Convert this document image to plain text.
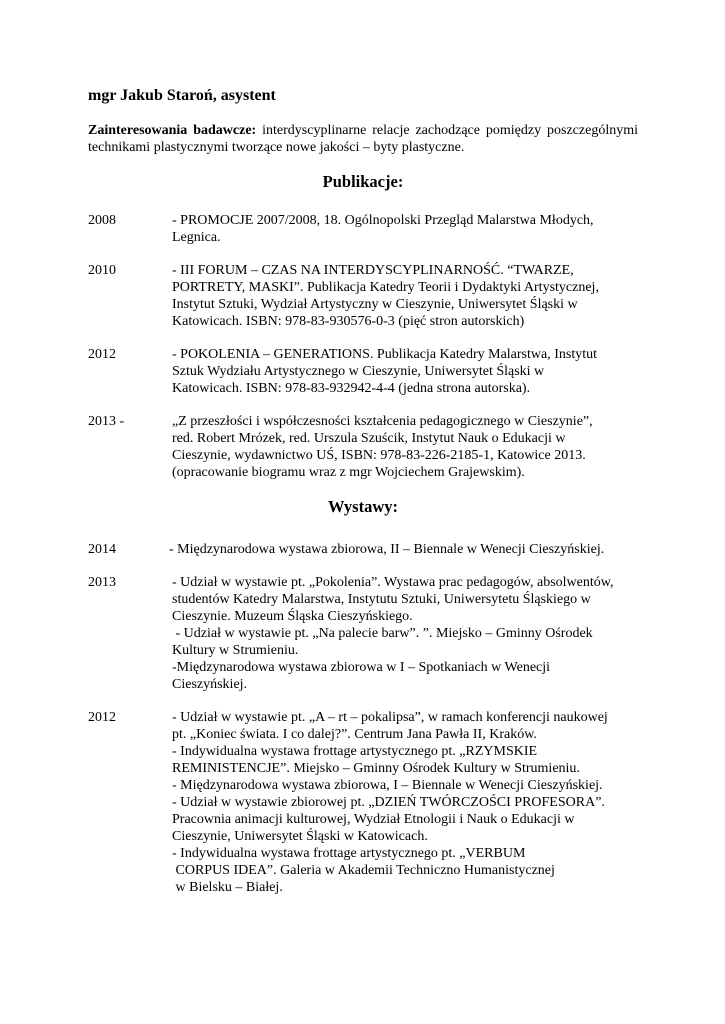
mgr Jakub Staroń, asystent
Zainteresowania badawcze: interdyscyplinarne relacje zachodzące pomiędzy poszczególnymi technikami plastycznymi tworzące nowe jakości – byty plastyczne.
Publikacje:
2008	- PROMOCJE 2007/2008, 18. Ogólnopolski Przegląd Malarstwa Młodych,
Legnica.
2010	- III FORUM – CZAS NA INTERDYSCYPLINARNOŚĆ. “TWARZE,
PORTRETY, MASKI”. Publikacja Katedry Teorii i Dydaktyki Artystycznej,
Instytut Sztuki, Wydział Artystyczny w Cieszynie, Uniwersytet Śląski w
Katowicach. ISBN: 978-83-930576-0-3 (pięć stron autorskich)
2012	- POKOLENIA – GENERATIONS. Publikacja Katedry Malarstwa, Instytut
Sztuk Wydziału Artystycznego w Cieszynie, Uniwersytet Śląski w
Katowicach. ISBN: 978-83-932942-4-4 (jedna strona autorska).
2013 -	„Z przeszłości i współczesności kształcenia pedagogicznego w Cieszynie”,
red. Robert Mrózek, red. Urszula Szuścik, Instytut Nauk o Edukacji w
Cieszynie, wydawnictwo UŚ, ISBN: 978-83-226-2185-1, Katowice 2013.
(opracowanie biogramu wraz z mgr Wojciechem Grajewskim).
Wystawy:
2014	- Międzynarodowa wystawa zbiorowa, II – Biennale w Wenecji Cieszyńskiej.
2013	- Udział w wystawie pt. „Pokolenia”. Wystawa prac pedagogów, absolwentów,
studentów Katedry Malarstwa, Instytutu Sztuki, Uniwersytetu Śląskiego w
Cieszynie. Muzeum Śląska Cieszyńskiego.
- Udział w wystawie pt. „Na palecie barw”. ”. Miejsko – Gminny Ośrodek
Kultury w Strumieniu.
-Międzynarodowa wystawa zbiorowa w I – Spotkaniach w Wenecji
Cieszyńskiej.
2012	- Udział w wystawie pt. „A – rt – pokalipsa”, w ramach konferencji naukowej
pt. „Koniec świata. I co dalej?”. Centrum Jana Pawła II, Kraków.
- Indywidualna wystawa frottage artystycznego pt. „RZYMSKIE
REMINISTENCJE”. Miejsko – Gminny Ośrodek Kultury w Strumieniu.
- Międzynarodowa wystawa zbiorowa, I – Biennale w Wenecji Cieszyńskiej.
- Udział w wystawie zbiorowej pt. „DZIEŃ TWÓRCZOŚCI PROFESORA”.
Pracownia animacji kulturowej, Wydział Etnologii i Nauk o Edukacji w
Cieszynie, Uniwersytet Śląski w Katowicach.
- Indywidualna wystawa frottage artystycznego pt. „VERBUM
CORPUS IDEA”. Galeria w Akademii Techniczno Humanistycznej
w Bielsku – Białej.
